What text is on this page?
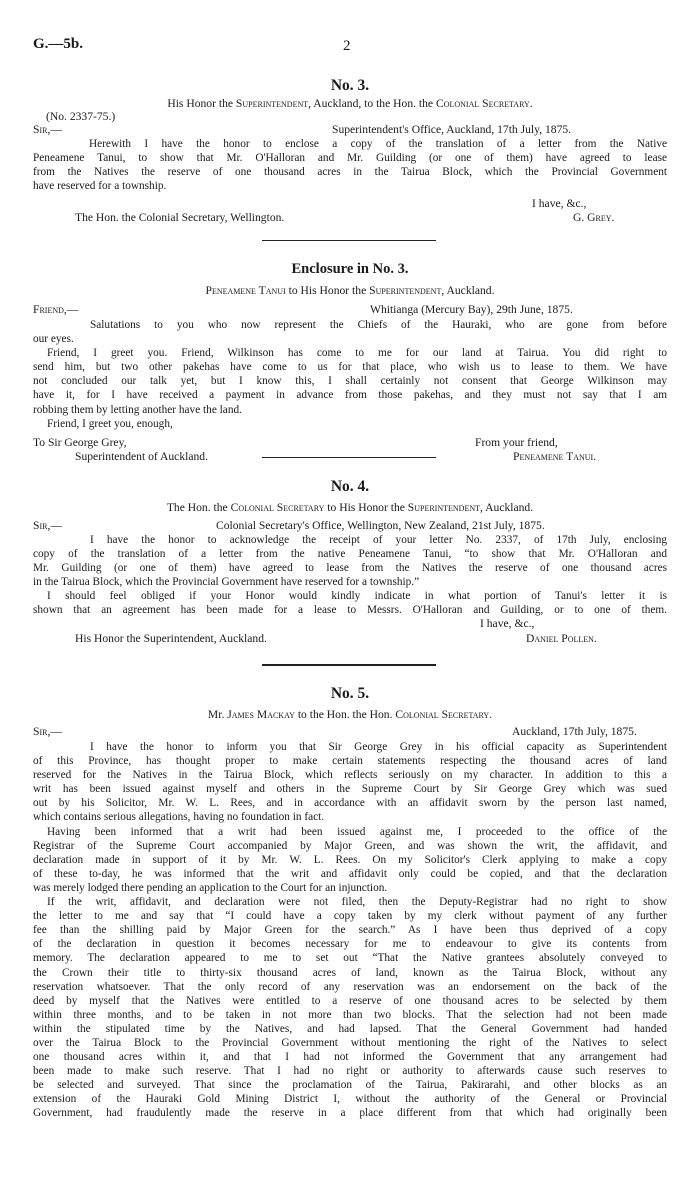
G.—5b.	2
No. 3.
His Honor the Superintendent, Auckland, to the Hon. the Colonial Secretary.
(No. 2337-75.)
Sir,—	Superintendent's Office, Auckland, 17th July, 1875.
Herewith I have the honor to enclose a copy of the translation of a letter from the Native
Peneamene Tanui, to show that Mr. O'Halloran and Mr. Guilding (or one of them) have agreed to lease
from the Natives the reserve of one thousand acres in the Tairua Block, which the Provincial Government
have reserved for a township.
I have, &c.,
The Hon. the Colonial Secretary, Wellington.	G. Grey.
Enclosure in No. 3.
Peneamene Tanui to His Honor the Superintendent, Auckland.
Friend,—	Whitianga (Mercury Bay), 29th June, 1875.
Salutations to you who now represent the Chiefs of the Hauraki, who are gone from before
our eyes.
Friend, I greet you. Friend, Wilkinson has come to me for our land at Tairua. You did right to
send him, but two other pakehas have come to us for that place, who wish us to lease to them. We have
not concluded our talk yet, but I know this, I shall certainly not consent that George Wilkinson may
have it, for I have received a payment in advance from those pakehas, and they must not say that I am
robbing them by letting another have the land.
Friend, I greet you, enough,
To Sir George Grey,	From your friend,
Superintendent of Auckland.	Peneamene Tanui.
No. 4.
The Hon. the Colonial Secretary to His Honor the Superintendent, Auckland.
Sir,—	Colonial Secretary's Office, Wellington, New Zealand, 21st July, 1875.
I have the honor to acknowledge the receipt of your letter No. 2337, of 17th July, enclosing
copy of the translation of a letter from the native Peneamene Tanui, “to show that Mr. O'Halloran and
Mr. Guilding (or one of them) have agreed to lease from the Natives the reserve of one thousand acres
in the Tairua Block, which the Provincial Government have reserved for a township.”
I should feel obliged if your Honor would kindly indicate in what portion of Tanui's letter it is
shown that an agreement has been made for a lease to Messrs. O'Halloran and Guilding, or to one of them.
I have, &c.,
His Honor the Superintendent, Auckland.	Daniel Pollen.
No. 5.
Mr. James Mackay to the Hon. the Hon. Colonial Secretary.
Sir,—	Auckland, 17th July, 1875.
I have the honor to inform you that Sir George Grey in his official capacity as Superintendent
of this Province, has thought proper to make certain statements respecting the thousand acres of land
reserved for the Natives in the Tairua Block, which reflects seriously on my character. In addition to this a
writ has been issued against myself and others in the Supreme Court by Sir George Grey which was sued
out by his Solicitor, Mr. W. L. Rees, and in accordance with an affidavit sworn by the person last named,
which contains serious allegations, having no foundation in fact.
Having been informed that a writ had been issued against me, I proceeded to the office of the
Registrar of the Supreme Court accompanied by Major Green, and was shown the writ, the affidavit, and
declaration made in support of it by Mr. W. L. Rees. On my Solicitor's Clerk applying to make a copy
of these to-day, he was informed that the writ and affidavit only could be copied, and that the declaration
was merely lodged there pending an application to the Court for an injunction.
If the writ, affidavit, and declaration were not filed, then the Deputy-Registrar had no right to show
the letter to me and say that “I could have a copy taken by my clerk without payment of any further
fee than the shilling paid by Major Green for the search.” As I have been thus deprived of a copy
of the declaration in question it becomes necessary for me to endeavour to give its contents from
memory. The declaration appeared to me to set out “That the Native grantees absolutely conveyed to
the Crown their title to thirty-six thousand acres of land, known as the Tairua Block, without any
reservation whatsoever. That the only record of any reservation was an endorsement on the back of the
deed by myself that the Natives were entitled to a reserve of one thousand acres to be selected by them
within three months, and to be taken in not more than two blocks. That the selection had not been made
within the stipulated time by the Natives, and had lapsed. That the General Government had handed
over the Tairua Block to the Provincial Government without mentioning the right of the Natives to select
one thousand acres within it, and that I had not informed the Government that any arrangement had
been made to make such reserve. That I had no right or authority to afterwards cause such reserves to
be selected and surveyed. That since the proclamation of the Tairua, Pakirarahi, and other blocks as an
extension of the Hauraki Gold Mining District I, without the authority of the General or Provincial
Government, had fraudulently made the reserve in a place different from that which had originally been
